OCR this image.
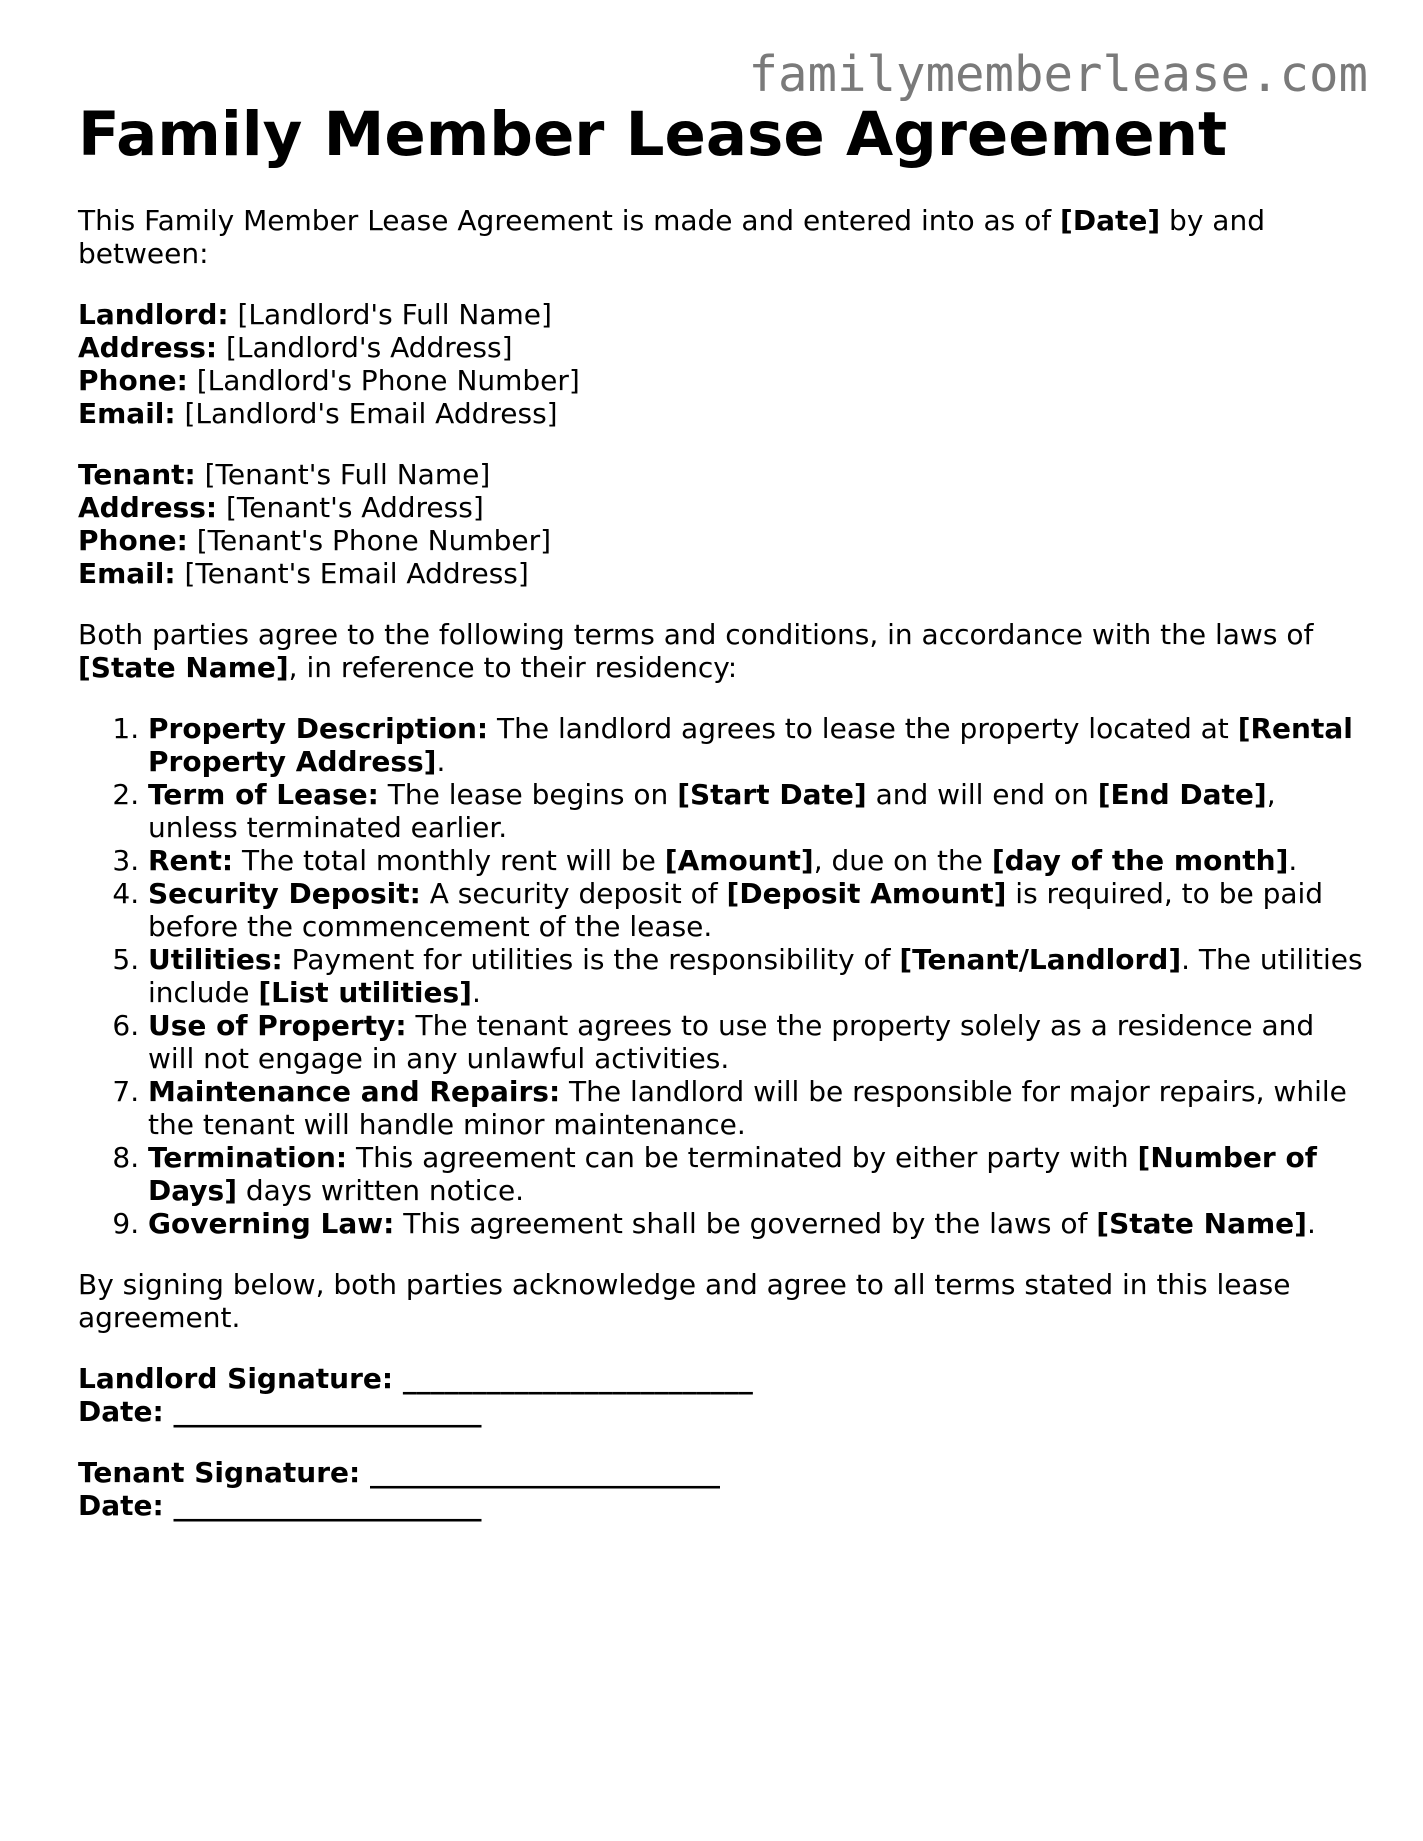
familymemberlease.com
Family Member Lease Agreement

This Family Member Lease Agreement is made and entered into as of [Date] by and between:

Landlord: [Landlord's Full Name]
Address: [Landlord's Address]
Phone: [Landlord's Phone Number]
Email: [Landlord's Email Address]
Tenant: [Tenant's Full Name]
Address: [Tenant's Address]
Phone: [Tenant's Phone Number]
Email: [Tenant's Email Address]

Both parties agree to the following terms and conditions, in accordance with the laws of [State Name], in reference to their residency:

1. Property Description: The landlord agrees to lease the property located at [Rental Property Address].
2. Term of Lease: The lease begins on [Start Date] and will end on [End Date], unless terminated earlier.
3. Rent: The total monthly rent will be [Amount], due on the [day of the month].
4. Security Deposit: A security deposit of [Deposit Amount] is required, to be paid before the commencement of the lease.
5. Utilities: Payment for utilities is the responsibility of [Tenant/Landlord]. The utilities include [List utilities].
6. Use of Property: The tenant agrees to use the property solely as a residence and will not engage in any unlawful activities.
7. Maintenance and Repairs: The landlord will be responsible for major repairs, while the tenant will handle minor maintenance.
8. Termination: This agreement can be terminated by either party with [Number of Days] days written notice.
9. Governing Law: This agreement shall be governed by the laws of [State Name].

By signing below, both parties acknowledge and agree to all terms stated in this lease agreement.

Landlord Signature: _________________________
Date: ______________________
Tenant Signature: _________________________
Date: ______________________
